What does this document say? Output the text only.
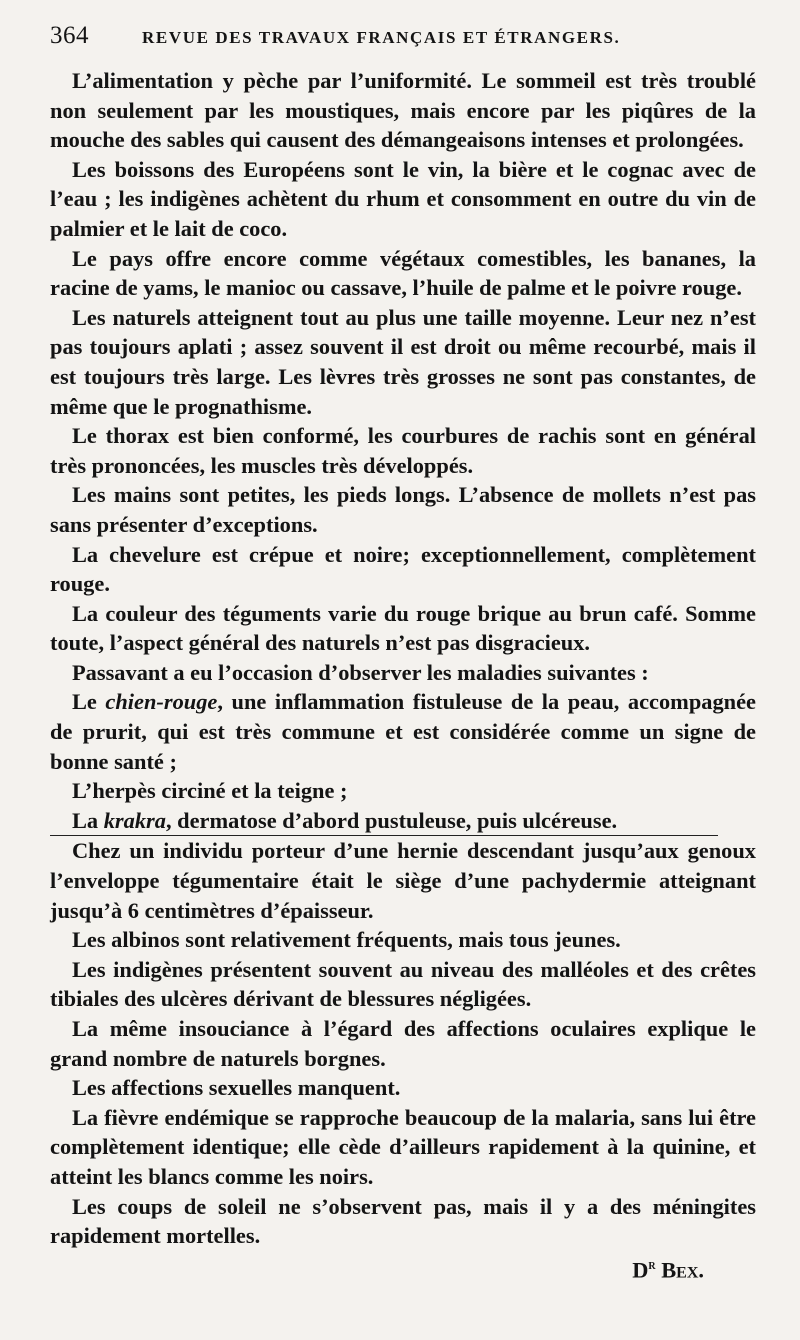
364	REVUE DES TRAVAUX FRANÇAIS ET ÉTRANGERS.

L’alimentation y pèche par l’uniformité. Le sommeil est très troublé non seulement par les moustiques, mais encore par les piqûres de la mouche des sables qui causent des démangeaisons intenses et prolongées.

Les boissons des Européens sont le vin, la bière et le cognac avec de l’eau ; les indigènes achètent du rhum et consomment en outre du vin de palmier et le lait de coco.

Le pays offre encore comme végétaux comestibles, les bananes, la racine de yams, le manioc ou cassave, l’huile de palme et le poivre rouge.

Les naturels atteignent tout au plus une taille moyenne. Leur nez n’est pas toujours aplati ; assez souvent il est droit ou même recourbé, mais il est toujours très large. Les lèvres très grosses ne sont pas constantes, de même que le prognathisme.

Le thorax est bien conformé, les courbures de rachis sont en général très prononcées, les muscles très développés.

Les mains sont petites, les pieds longs. L’absence de mollets n’est pas sans présenter d’exceptions.

La chevelure est crépue et noire; exceptionnellement, complètement rouge.

La couleur des téguments varie du rouge brique au brun café. Somme toute, l’aspect général des naturels n’est pas disgracieux.

Passavant a eu l’occasion d’observer les maladies suivantes :

Le chien-rouge, une inflammation fistuleuse de la peau, accompagnée de prurit, qui est très commune et est considérée comme un signe de bonne santé ;

L’herpès circiné et la teigne ;

La krakra, dermatose d’abord pustuleuse, puis ulcéreuse.

Chez un individu porteur d’une hernie descendant jusqu’aux genoux l’enveloppe tégumentaire était le siège d’une pachydermie atteignant jusqu’à 6 centimètres d’épaisseur.

Les albinos sont relativement fréquents, mais tous jeunes.

Les indigènes présentent souvent au niveau des malléoles et des crêtes tibiales des ulcères dérivant de blessures négligées.

La même insouciance à l’égard des affections oculaires explique le grand nombre de naturels borgnes.

Les affections sexuelles manquent.

La fièvre endémique se rapproche beaucoup de la malaria, sans lui être complètement identique; elle cède d’ailleurs rapidement à la quinine, et atteint les blancs comme les noirs.

Les coups de soleil ne s’observent pas, mais il y a des méningites rapidement mortelles.

$D^r$ Bex.
